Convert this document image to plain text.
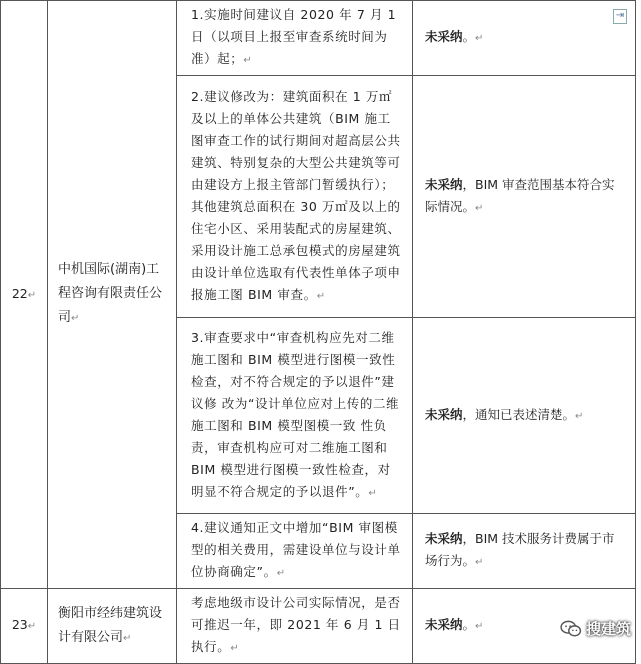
22↵	中机国际(湖南)工程咨询有限责任公司↵	1.实施时间建议自 2020 年 7 月 1 日（以项目上报至审查系统时间为准）起；↵	未采纳。↵
		2.建议修改为：建筑面积在 1 万㎡及以上的单体公共建筑（BIM 施工图审查工作的试行期间对超高层公共建筑、特别复杂的大型公共建筑等可由建设方上报主管部门暂缓执行）；其他建筑总面积在 30 万㎡及以上的住宅小区、采用装配式的房屋建筑、采用设计施工总承包模式的房屋建筑由设计单位选取有代表性单体子项申报施工图 BIM 审查。↵	未采纳，BIM 审查范围基本符合实际情况。↵
		3.审查要求中“审查机构应先对二维施工图和 BIM 模型进行图模一致性检查，对不符合规定的予以退件”建议修 改为“设计单位应对上传的二维施工图和 BIM 模型图模一致 性负责，审查机构应可对二维施工图和 BIM 模型进行图模一致性检查，对明显不符合规定的予以退件”。↵	未采纳，通知已表述清楚。↵
		4.建议通知正文中增加“BIM 审图模型的相关费用，需建设单位与设计单位协商确定”。↵	未采纳，BIM 技术服务计费属于市场行为。↵
23↵	衡阳市经纬建筑设计有限公司↵	考虑地级市设计公司实际情况，是否可推迟一年，即 2021 年 6 月 1 日执行。↵	未采纳。↵
⇥
搜建筑
